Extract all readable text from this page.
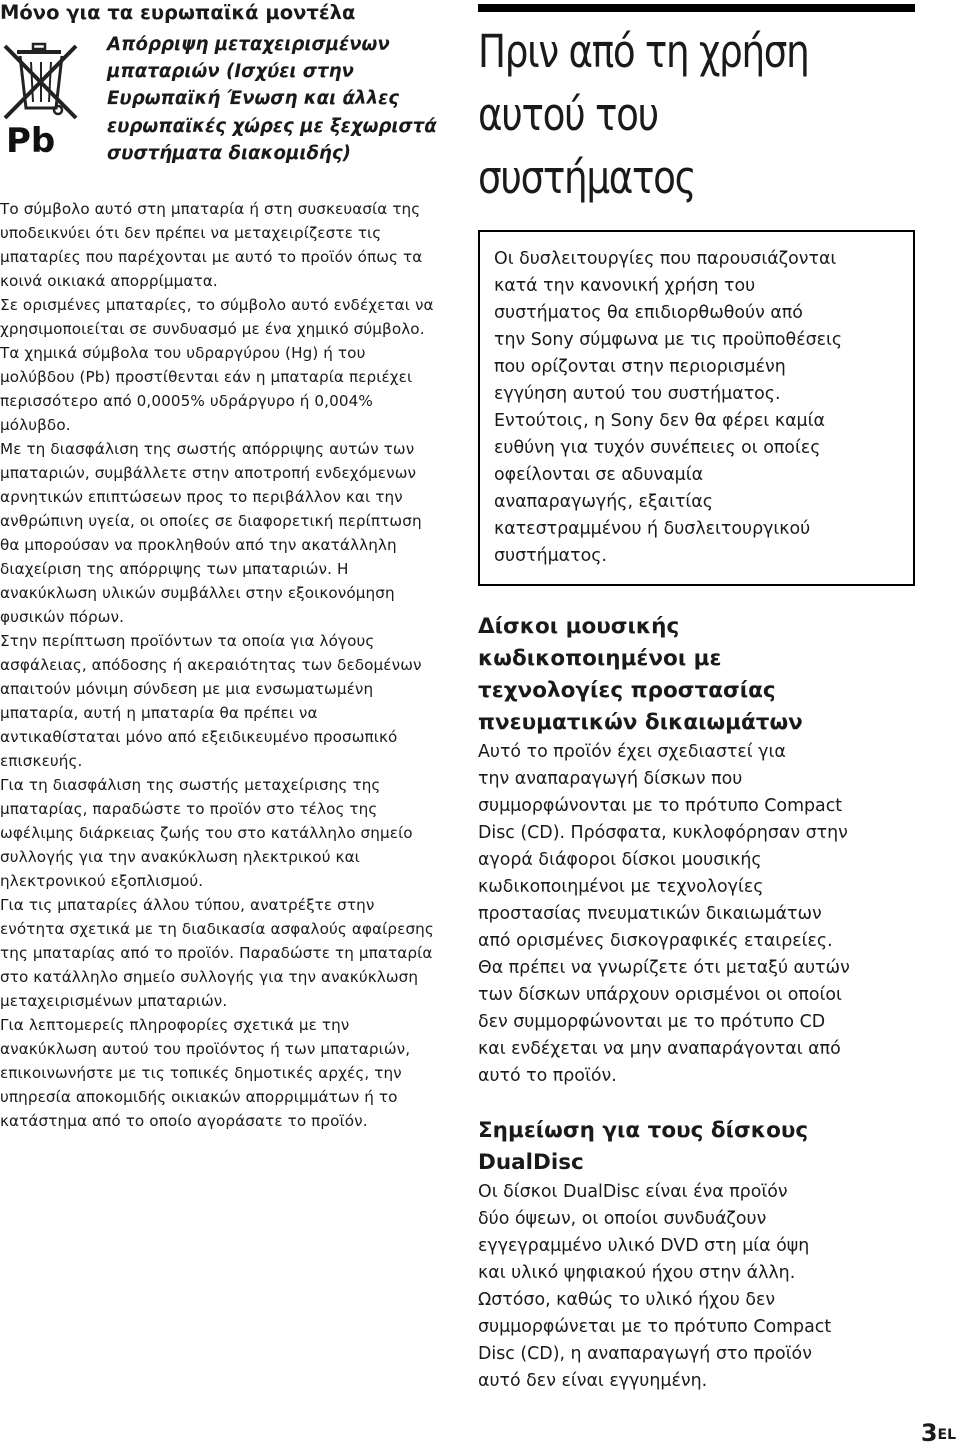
Μόνο για τα ευρωπαϊκά μοντέλα

Pb

Απόρριψη μεταχειρισμένων μπαταριών (Ισχύει στην Ευρωπαϊκή Ένωση και άλλες ευρωπαϊκές χώρες με ξεχωριστά συστήματα διακομιδής)

Το σύμβολο αυτό στη μπαταρία ή στη συσκευασία της υποδεικνύει ότι δεν πρέπει να μεταχειρίζεστε τις μπαταρίες που παρέχονται με αυτό το προϊόν όπως τα κοινά οικιακά απορρίμματα.

Σε ορισμένες μπαταρίες, το σύμβολο αυτό ενδέχεται να χρησιμοποιείται σε συνδυασμό με ένα χημικό σύμβολο. Τα χημικά σύμβολα του υδραργύρου (Hg) ή του μολύβδου (Pb) προστίθενται εάν η μπαταρία περιέχει περισσότερο από 0,0005% υδράργυρο ή 0,004% μόλυβδο.

Με τη διασφάλιση της σωστής απόρριψης αυτών των μπαταριών, συμβάλλετε στην αποτροπή ενδεχόμενων αρνητικών επιπτώσεων προς το περιβάλλον και την ανθρώπινη υγεία, οι οποίες σε διαφορετική περίπτωση θα μπορούσαν να προκληθούν από την ακατάλληλη διαχείριση της απόρριψης των μπαταριών. Η ανακύκλωση υλικών συμβάλλει στην εξοικονόμηση φυσικών πόρων.

Στην περίπτωση προϊόντων τα οποία για λόγους ασφάλειας, απόδοσης ή ακεραιότητας των δεδομένων απαιτούν μόνιμη σύνδεση με μια ενσωματωμένη μπαταρία, αυτή η μπαταρία θα πρέπει να αντικαθίσταται μόνο από εξειδικευμένο προσωπικό επισκευής.

Για τη διασφάλιση της σωστής μεταχείρισης της μπαταρίας, παραδώστε το προϊόν στο τέλος της ωφέλιμης διάρκειας ζωής του στο κατάλληλο σημείο συλλογής για την ανακύκλωση ηλεκτρικού και ηλεκτρονικού εξοπλισμού.

Για τις μπαταρίες άλλου τύπου, ανατρέξτε στην ενότητα σχετικά με τη διαδικασία ασφαλούς αφαίρεσης της μπαταρίας από το προϊόν. Παραδώστε τη μπαταρία στο κατάλληλο σημείο συλλογής για την ανακύκλωση μεταχειρισμένων μπαταριών.

Για λεπτομερείς πληροφορίες σχετικά με την ανακύκλωση αυτού του προϊόντος ή των μπαταριών, επικοινωνήστε με τις τοπικές δημοτικές αρχές, την υπηρεσία αποκομιδής οικιακών απορριμμάτων ή το κατάστημα από το οποίο αγοράσατε το προϊόν.

Πριν από τη χρήση
αυτού του
συστήματος

Οι δυσλειτουργίες που παρουσιάζονται
κατά την κανονική χρήση του
συστήματος θα επιδιορθωθούν από
την Sony σύμφωνα με τις προϋποθέσεις
που ορίζονται στην περιορισμένη
εγγύηση αυτού του συστήματος.
Εντούτοις, η Sony δεν θα φέρει καμία
ευθύνη για τυχόν συνέπειες οι οποίες
οφείλονται σε αδυναμία
αναπαραγωγής, εξαιτίας
κατεστραμμένου ή δυσλειτουργικού
συστήματος.

Δίσκοι μουσικής
κωδικοποιημένοι με
τεχνολογίες προστασίας
πνευματικών δικαιωμάτων

Αυτό το προϊόν έχει σχεδιαστεί για
την αναπαραγωγή δίσκων που
συμμορφώνονται με το πρότυπο Compact
Disc (CD). Πρόσφατα, κυκλοφόρησαν στην
αγορά διάφοροι δίσκοι μουσικής
κωδικοποιημένοι με τεχνολογίες
προστασίας πνευματικών δικαιωμάτων
από ορισμένες δισκογραφικές εταιρείες.
Θα πρέπει να γνωρίζετε ότι μεταξύ αυτών
των δίσκων υπάρχουν ορισμένοι οι οποίοι
δεν συμμορφώνονται με το πρότυπο CD
και ενδέχεται να μην αναπαράγονται από
αυτό το προϊόν.

Σημείωση για τους δίσκους
DualDisc

Οι δίσκοι DualDisc είναι ένα προϊόν
δύο όψεων, οι οποίοι συνδυάζουν
εγγεγραμμένο υλικό DVD στη μία όψη
και υλικό ψηφιακού ήχου στην άλλη.
Ωστόσο, καθώς το υλικό ήχου δεν
συμμορφώνεται με το πρότυπο Compact
Disc (CD), η αναπαραγωγή στο προϊόν
αυτό δεν είναι εγγυημένη.

$3^{EL}$
